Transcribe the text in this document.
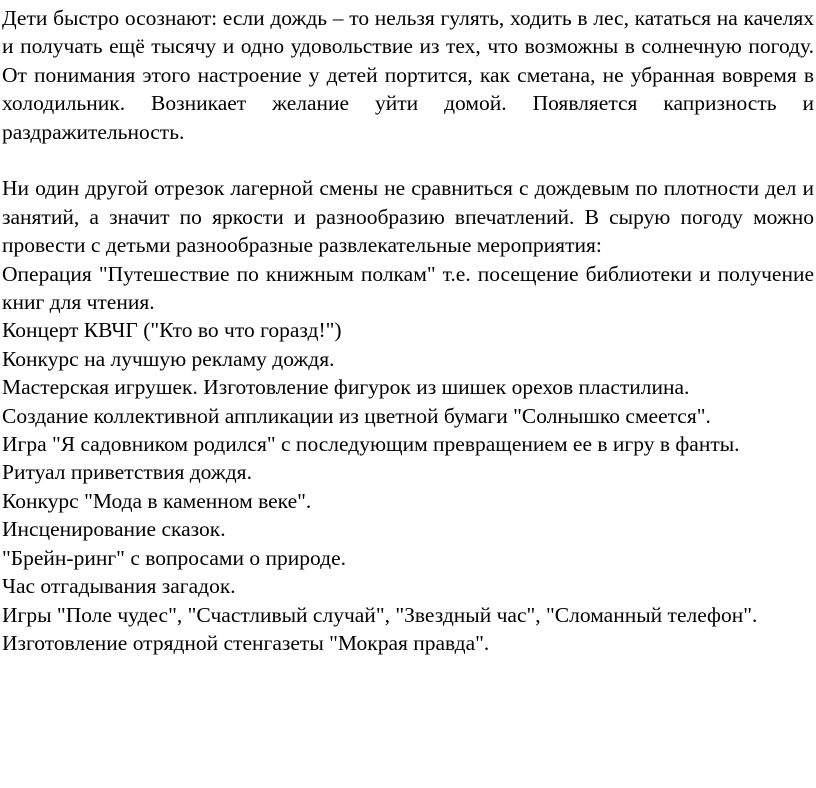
Дети быстро осознают: если дождь – то нельзя гулять, ходить в лес, кататься на качелях и получать ещё тысячу и одно удовольствие из тех, что возможны в солнечную погоду. От понимания этого настроение у детей портится, как сметана, не убранная вовремя в холодильник. Возникает желание уйти домой. Появляется капризность и раздражительность.

Ни один другой отрезок лагерной смены не сравниться с дождевым по плотности дел и занятий, а значит по яркости и разнообразию впечатлений. В сырую погоду можно провести с детьми разнообразные развлекательные мероприятия:

Операция "Путешествие по книжным полкам" т.е. посещение библиотеки и получение книг для чтения.

Концерт КВЧГ ("Кто во что горазд!")

Конкурс на лучшую рекламу дождя.

Мастерская игрушек. Изготовление фигурок из шишек орехов пластилина.

Создание коллективной аппликации из цветной бумаги "Солнышко смеется".

Игра "Я садовником родился" с последующим превращением ее в игру в фанты.

Ритуал приветствия дождя.

Конкурс "Мода в каменном веке".

Инсценирование сказок.

"Брейн-ринг" с вопросами о природе.

Час отгадывания загадок.

Игры "Поле чудес", "Счастливый случай", "Звездный час", "Сломанный телефон".

Изготовление отрядной стенгазеты "Мокрая правда".
